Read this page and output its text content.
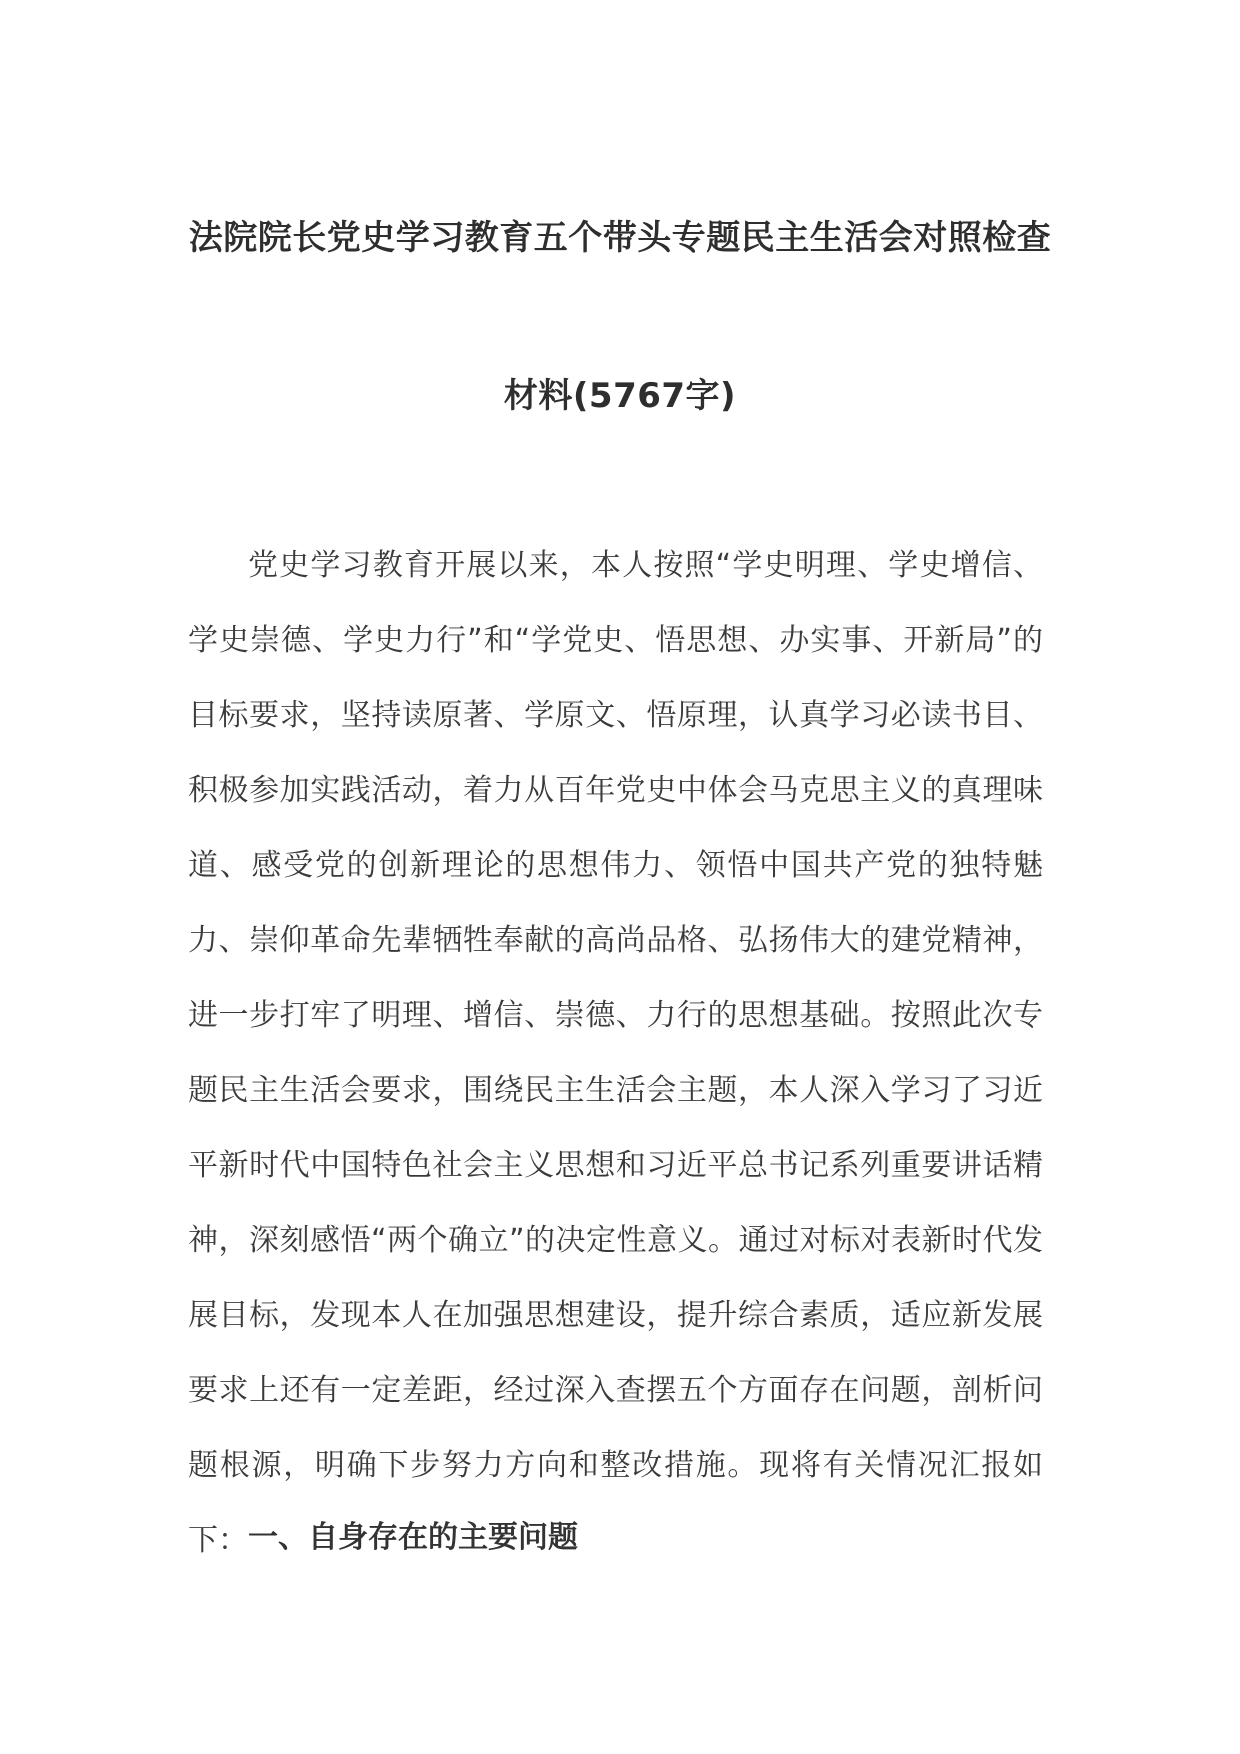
法院院长党史学习教育五个带头专题民主生活会对照检查
材料(5767字)

党史学习教育开展以来，本人按照“学史明理、学史增信、学史崇德、学史力行”和“学党史、悟思想、办实事、开新局”的目标要求，坚持读原著、学原文、悟原理，认真学习必读书目、积极参加实践活动，着力从百年党史中体会马克思主义的真理味道、感受党的创新理论的思想伟力、领悟中国共产党的独特魅力、崇仰革命先辈牺牲奉献的高尚品格、弘扬伟大的建党精神，进一步打牢了明理、增信、崇德、力行的思想基础。按照此次专题民主生活会要求，围绕民主生活会主题，本人深入学习了习近平新时代中国特色社会主义思想和习近平总书记系列重要讲话精神，深刻感悟“两个确立”的决定性意义。通过对标对表新时代发展目标，发现本人在加强思想建设，提升综合素质，适应新发展要求上还有一定差距，经过深入查摆五个方面存在问题，剖析问题根源，明确下步努力方向和整改措施。现将有关情况汇报如下： 一、自身存在的主要问题
